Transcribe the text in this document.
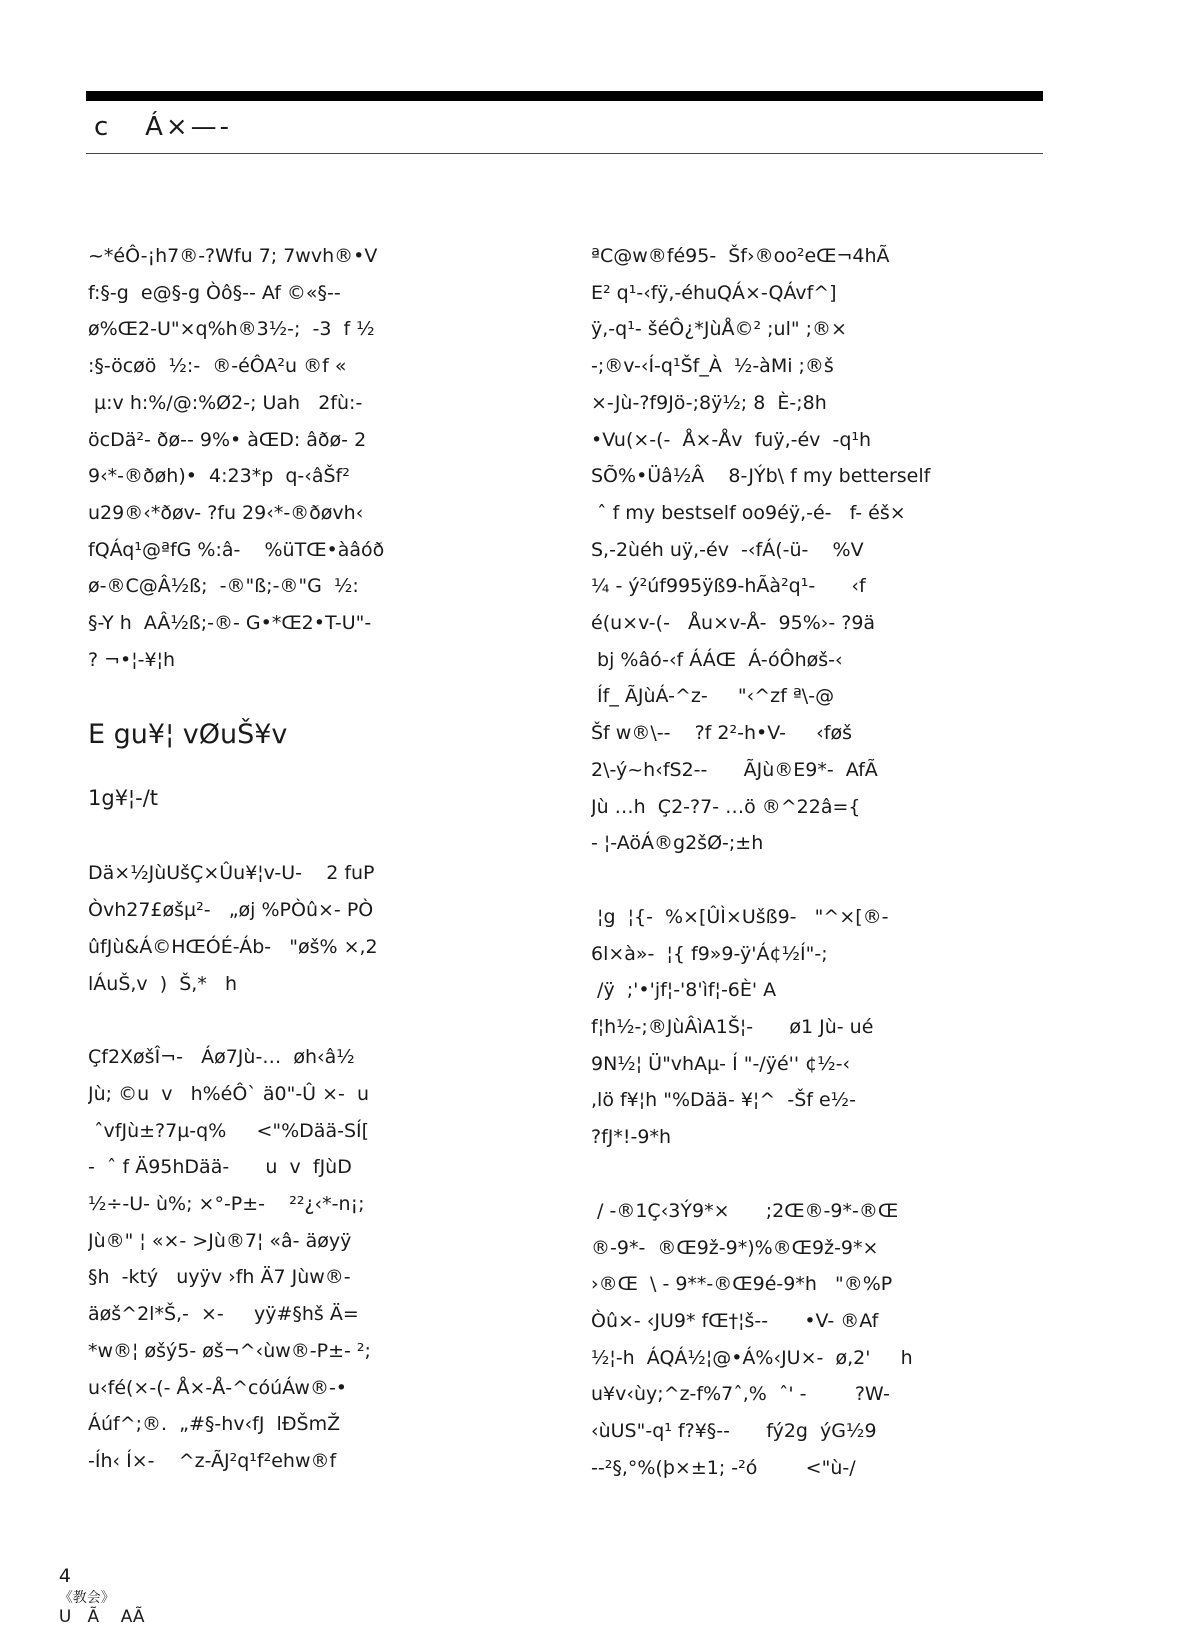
c   Á×—-
~*éÔ-¡h7®-?Wfu 7; 7wvh®•V
f:§-g  e@§-g Òô§-- Af ©«§--
ø%Œ2-U"×q%h®3½-;  -3  f ½
:§-öcøö  ½:-  ®-éÔA²u ®f «
µ:v h:%/@:%Ø2-; Uah   2fù:-
öcDä²- ðø-- 9%• àŒD: âðø- 2
9‹*-®ðøh)•  4:23*p  q-‹âŠf²
u29®‹*ðøv- ?fu 29‹*-®ðøvh‹
fQÁq¹@ªfG %:â-    %üTŒ•àâóð
ø-®C@Â½ß;  -®"ß;-®"G  ½:
§-Y h  AÂ½ß;-®- G•*Œ2•T-U"-
? ¬•¦-¥¦h
E gu¥¦ vØuŠ¥v
1g¥¦-/t
Dä×½JùUšÇ×Ûu¥¦v-U-    2 fuP
Òvh27£øšµ²-   „øj %PÒû×- PÒ
ûfJù&Á©HŒÓÉ-Áb-   "øš% ×,2
lÁuŠ,v  )  Š,*   h
Çf2XøšÎ¬-   Áø7Jù-…  øh‹â½
Jù; ©u  v   h%éÔ` ä0"-Û ×-  u
ˆvfJù±?7µ-q%     <"%Dää-SÍ[
-  ˆ f Ä95hDää-      u  v  fJùD
½÷-U- ù%; ×°-P±-    ²²¿‹*-n¡;
Jù®" ¦ «×- >Jù®7¦ «â- äøyÿ
§h  -ktý   uyÿv ›fh Ä7 Jùw®-
äøš^2l*Š,-  ×-     yÿ#§hš Ä=
*w®¦ øšý5- øš¬^‹ùw®-P±- ²;
u‹fé(×-(- Å×-Å-^cóúÁw®-•
Áúf^;®.  „#§-hv‹fJ  lÐŠmŽ
-Íh‹ Í×-    ^z-ÃJ²q¹f²ehw®f
ªC@w®fé95-  Šf›®oo²eŒ¬4hÃ
E² q¹-‹fÿ,-éhuQÁ×-QÁvf^]
ÿ,-q¹- šéÔ¿*JùÅ©² ;ul" ;®×
-;®v-‹Í-q¹Šf_À  ½-àMi ;®š
×-Jù-?f9Jö-;8ÿ½; 8  È-;8h
•Vu(×-(-  Å×-Åv  fuÿ,-év  -q¹h
SÕ%•Üâ½Â    8-JÝb\ f my betterself
ˆ f my bestself oo9éÿ,-é-   f- éš×
S,-2ùéh uÿ,-év  -‹fÁ(-ü-    %V
¼ - ý²úf995ÿß9-hÃà²q¹-      ‹f
é(u×v-(-   Åu×v-Å-  95%›- ?9ä
bj %âó-‹f ÁÁŒ  Á-óÔhøš-‹
Íf_ ÃJùÁ-^z-     "‹^zf ª\-@
Šf w®\--    ?f 2²-h•V-     ‹føš
2\-ý~h‹fS2--      ÃJù®E9*-  AfÃ
Jù …h  Ç2-?7- …ö ®^22â={
- ¦-AöÁ®g2šØ-;±h
¦g  ¦{-  %×[ÛÌ×Ušß9-   "^×[®-
6l×à»-  ¦{ f9»9-ÿ'Á¢½Í"-;
/ÿ  ;'•'jf¦-'8'ìf¦-6È' A
f¦h½-;®JùÂìA1Š¦-      ø1 Jù- ué
9N½¦ Ü"vhAµ- Í "-/ÿé'' ¢½-‹
,lö f¥¦h "%Dää- ¥¦^  -Šf e½-
?fJ*!-9*h
/ -®1Ç‹3Ý9*×      ;2Œ®-9*-®Œ
®-9*-  ®Œ9ž-9*)%®Œ9ž-9*×
›®Œ  \ - 9**-®Œ9é-9*h   "®%P
Òû×- ‹JU9* fŒ†¦š--      •V- ®Af
½¦-h  ÁQÁ½¦@•Á%‹JU×-  ø,2'     h
u¥v‹ùy;^z-f%7ˆ,%  ˆ' -        ?W-
‹ùUS"-q¹ f?¥§--      fý2g  ýG½9
--²§,°%(þ×±1; -²ó        <"ù-/

4
《教会》
U   Ã    AÃ
